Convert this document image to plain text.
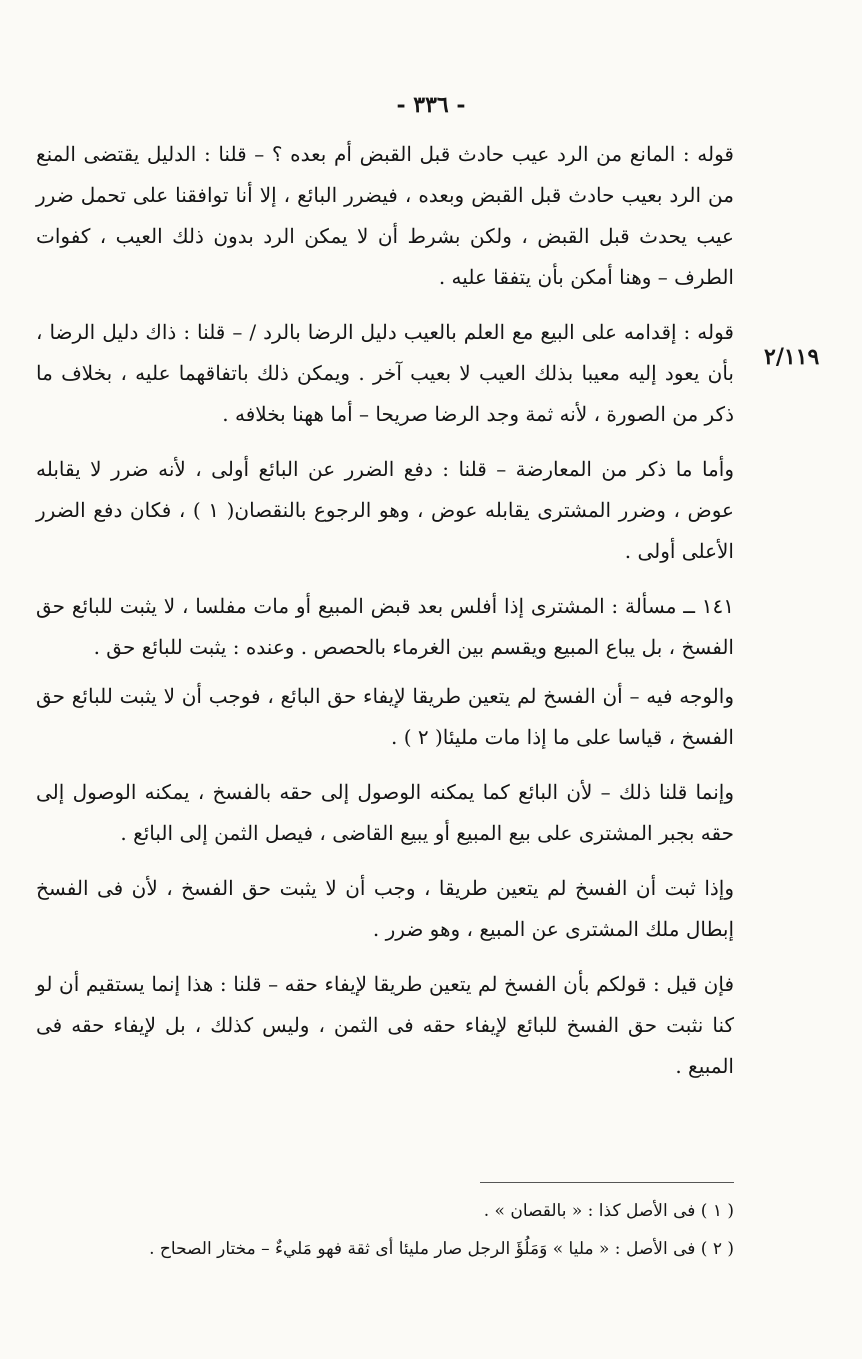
- ٣٣٦ -
٢/١١٩

قوله : المانع من الرد عيب حادث قبل القبض أم بعده ؟ – قلنا : الدليل يقتضى المنع من الرد بعيب حادث قبل القبض وبعده ، فيضرر البائع ، إلا أنا توافقنا على تحمل ضرر عيب يحدث قبل القبض ، ولكن بشرط أن لا يمكن الرد بدون ذلك العيب ، كفوات الطرف – وهنا أمكن بأن يتفقا عليه .

قوله : إقدامه على البيع مع العلم بالعيب دليل الرضا بالرد / – قلنا : ذاك دليل الرضا ، بأن يعود إليه معيبا بذلك العيب لا بعيب آخر . ويمكن ذلك باتفاقهما عليه ، بخلاف ما ذكر من الصورة ، لأنه ثمة وجد الرضا صريحا – أما ههنا بخلافه .

وأما ما ذكر من المعارضة – قلنا : دفع الضرر عن البائع أولى ، لأنه ضرر لا يقابله عوض ، وضرر المشترى يقابله عوض ، وهو الرجوع بالنقصان( ١ ) ، فكان دفع الضرر الأعلى أولى .

١٤١ ــ مسألة : المشترى إذا أفلس بعد قبض المبيع أو مات مفلسا ، لا يثبت للبائع حق الفسخ ، بل يباع المبيع ويقسم بين الغرماء بالحصص . وعنده : يثبت للبائع حق .

والوجه فيه – أن الفسخ لم يتعين طريقا لإيفاء حق البائع ، فوجب أن لا يثبت للبائع حق الفسخ ، قياسا على ما إذا مات مليئا( ٢ ) .

وإنما قلنا ذلك – لأن البائع كما يمكنه الوصول إلى حقه بالفسخ ، يمكنه الوصول إلى حقه بجبر المشترى على بيع المبيع أو يبيع القاضى ، فيصل الثمن إلى البائع .

وإذا ثبت أن الفسخ لم يتعين طريقا ، وجب أن لا يثبت حق الفسخ ، لأن فى الفسخ إبطال ملك المشترى عن المبيع ، وهو ضرر .

فإن قيل : قولكم بأن الفسخ لم يتعين طريقا لإيفاء حقه – قلنا : هذا إنما يستقيم أن لو كنا نثبت حق الفسخ للبائع لإيفاء حقه فى الثمن ، وليس كذلك ، بل لإيفاء حقه فى المبيع .

( ١ ) فى الأصل كذا : « بالقصان » .

( ٢ ) فى الأصل : « مليا » وَمَلُؤَ الرجل صار مليئا أى ثقة فهو مَليءٌ – مختار الصحاح .
